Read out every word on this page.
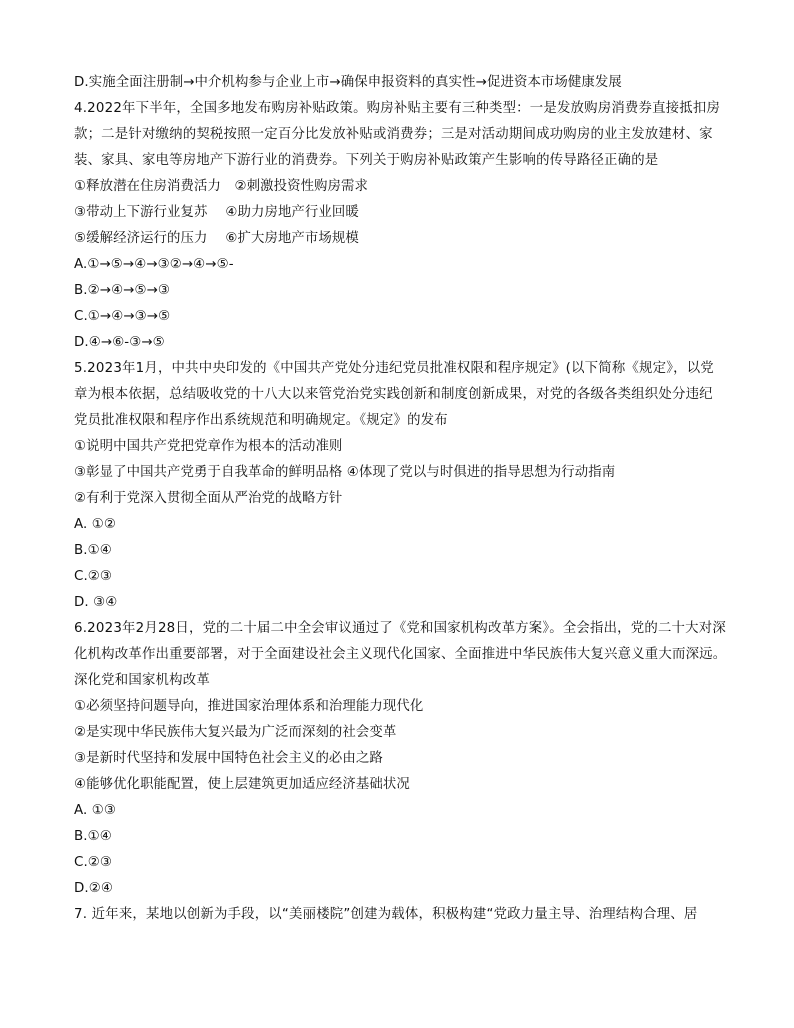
D.实施全面注册制→中介机构参与企业上市→确保申报资料的真实性→促进资本市场健康发展
4.2022年下半年，全国多地发布购房补贴政策。购房补贴主要有三种类型：一是发放购房消费券直接抵扣房
款；二是针对缴纳的契税按照一定百分比发放补贴或消费券；三是对活动期间成功购房的业主发放建材、家
装、家具、家电等房地产下游行业的消费券。下列关于购房补贴政策产生影响的传导路径正确的是
①释放潜在住房消费活力　②刺激投资性购房需求
③带动上下游行业复苏　 ④助力房地产行业回暖
⑤缓解经济运行的压力　 ⑥扩大房地产市场规模
A.①→⑤→④→③②→④→⑤-
B.②→④→⑤→③
C.①→④→③→⑤
D.④→⑥-③→⑤
5.2023年1月，中共中央印发的《中国共产党处分违纪党员批准权限和程序规定》(以下简称《规定》，以党
章为根本依据，总结吸收党的十八大以来管党治党实践创新和制度创新成果，对党的各级各类组织处分违纪
党员批准权限和程序作出系统规范和明确规定。《规定》的发布
①说明中国共产党把党章作为根本的活动准则
③彰显了中国共产党勇于自我革命的鲜明品格 ④体现了党以与时俱进的指导思想为行动指南
②有利于党深入贯彻全面从严治党的战略方针
A. ①②
B.①④
C.②③
D. ③④
6.2023年2月28日，党的二十届二中全会审议通过了《党和国家机构改革方案》。全会指出，党的二十大对深
化机构改革作出重要部署，对于全面建设社会主义现代化国家、全面推进中华民族伟大复兴意义重大而深远。
深化党和国家机构改革
①必须坚持问题导向，推进国家治理体系和治理能力现代化
②是实现中华民族伟大复兴最为广泛而深刻的社会变革
③是新时代坚持和发展中国特色社会主义的必由之路
④能够优化职能配置，使上层建筑更加适应经济基础状况
A. ①③
B.①④
C.②③
D.②④
7. 近年来，某地以创新为手段，以“美丽楼院”创建为载体，积极构建“党政力量主导、治理结构合理、居
